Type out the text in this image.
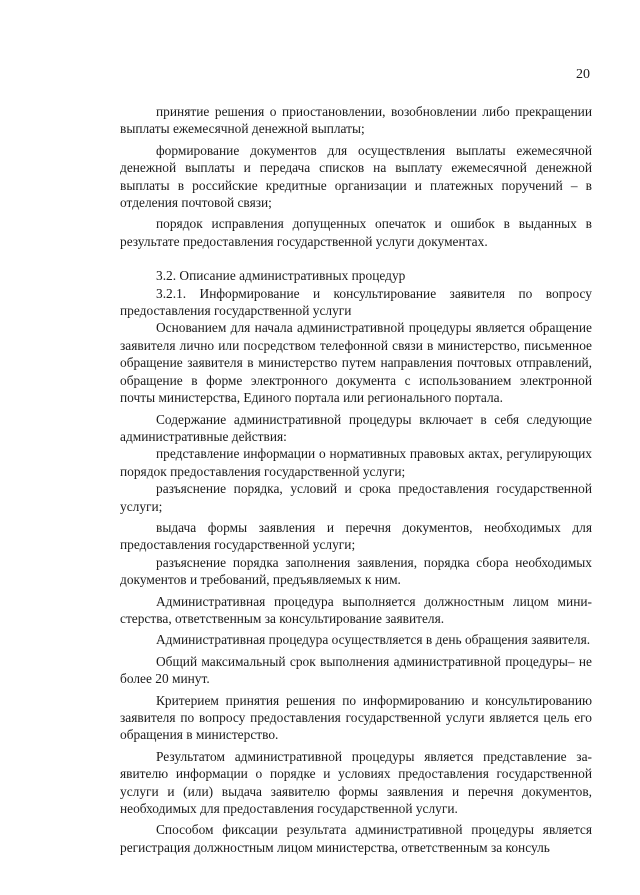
20

принятие решения о приостановлении, возобновлении либо прекращении выплаты ежемесячной денежной выплаты;

формирование документов для осуществления выплаты ежемесячной денежной выплаты и передача списков на выплату ежемесячной денежной выплаты в российские кредитные организации и платежных поручений – в отделения почтовой связи;

порядок исправления допущенных опечаток и ошибок в выданных в результате предоставления государственной услуги документах.

3.2. Описание административных процедур

3.2.1. Информирование и консультирование заявителя по вопросу предоставления государственной услуги

Основанием для начала административной процедуры является обращение заявителя лично или посредством телефонной связи в министерство, письменное обращение заявителя в министерство путем направления почтовых отправлений, обращение в форме электронного документа с использованием электронной почты министерства, Единого портала или регионального портала.

Содержание административной процедуры включает в себя следующие административные действия:

представление информации о нормативных правовых актах, регулирующих порядок предоставления государственной услуги;

разъяснение порядка, условий и срока предоставления государственной услуги;

выдача формы заявления и перечня документов, необходимых для предоставления государственной услуги;

разъяснение порядка заполнения заявления, порядка сбора необходимых документов и требований, предъявляемых к ним.

Административная процедура выполняется должностным лицом министерства, ответственным за консультирование заявителя.

Административная процедура осуществляется в день обращения заявителя.

Общий максимальный срок выполнения административной процедуры– не более 20 минут.

Критерием принятия решения по информированию и консультированию заявителя по вопросу предоставления государственной услуги является цель его обращения в министерство.

Результатом административной процедуры является представление заявителю информации о порядке и условиях предоставления государственной услуги и (или) выдача заявителю формы заявления и перечня документов, необходимых для предоставления государственной услуги.

Способом фиксации результата административной процедуры является регистрация должностным лицом министерства, ответственным за консуль
